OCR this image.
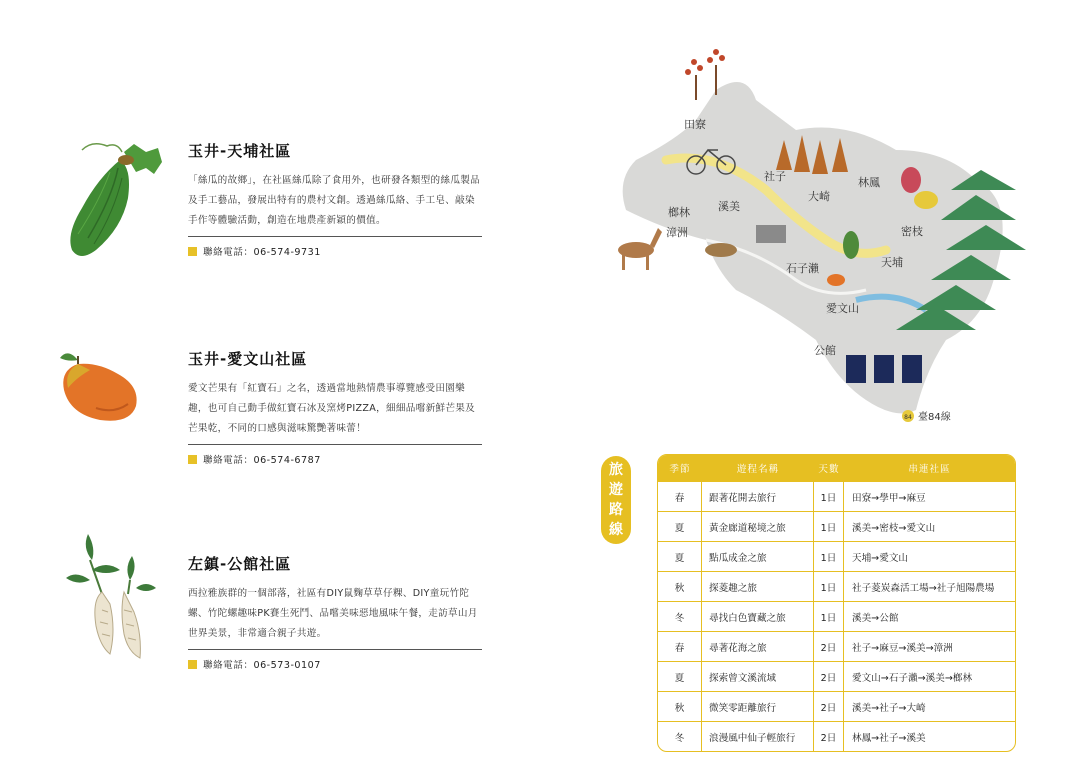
玉井-天埔社區

「絲瓜的故鄉」，在社區絲瓜除了食用外，也研發各類型的絲瓜製品及手工藝品，發展出特有的農村文創。透過絲瓜絡、手工皂、敲染手作等體驗活動，創造在地農產新穎的價值。

聯絡電話：06-574-9731
玉井-愛文山社區

愛文芒果有「紅寶石」之名，透過當地熱情農事導覽感受田園樂趣，也可自己動手做紅寶石冰及窯烤PIZZA，細細品嚐新鮮芒果及芒果乾，不同的口感與滋味驚艷著味蕾！

聯絡電話：06-574-6787
左鎮-公館社區

西拉雅族群的一個部落，社區有DIY鼠麴草草仔粿、DIY童玩竹陀螺、竹陀螺趣味PK賽生死鬥、品嚐美味惡地風味午餐，走訪草山月世界美景，非常適合親子共遊。

聯絡電話：06-573-0107
田寮
社子	林鳳
大崎
溪美
榔林
漳洲	密枝
石子瀨	天埔
愛文山
公館
84 臺84線
旅
遊
路
線
季節	遊程名稱	天數	串連社區
春	跟著花開去旅行	1日	田寮→學甲→麻豆
夏	黃金廊道秘境之旅	1日	溪美→密枝→愛文山
夏	點瓜成金之旅	1日	天埔→愛文山
秋	探菱趣之旅	1日	社子菱炭森活工場→社子旭陽農場
冬	尋找白色寶藏之旅	1日	溪美→公館
春	尋著花海之旅	2日	社子→麻豆→溪美→漳洲
夏	探索曾文溪流域	2日	愛文山→石子瀨→溪美→榔林
秋	微笑零距離旅行	2日	溪美→社子→大崎
冬	浪漫風中仙子輕旅行	2日	林鳳→社子→溪美
